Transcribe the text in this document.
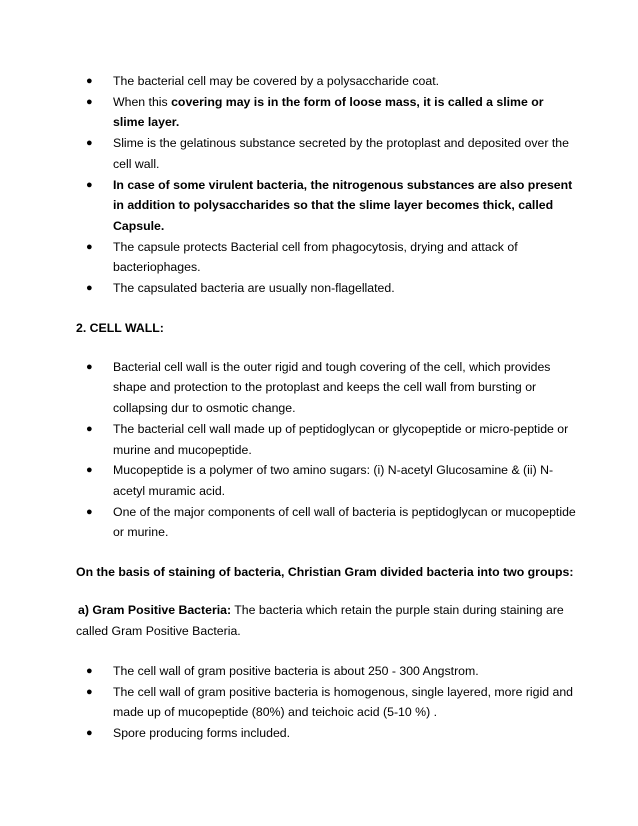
● The bacterial cell may be covered by a polysaccharide coat.
● When this covering may is in the form of loose mass, it is called a slime or slime layer.
● Slime is the gelatinous substance secreted by the protoplast and deposited over the cell wall.
● In case of some virulent bacteria, the nitrogenous substances are also present in addition to polysaccharides so that the slime layer becomes thick, called Capsule.
● The capsule protects Bacterial cell from phagocytosis, drying and attack of bacteriophages.
● The capsulated bacteria are usually non-flagellated.
2. CELL WALL:
● Bacterial cell wall is the outer rigid and tough covering of the cell, which provides shape and protection to the protoplast and keeps the cell wall from bursting or collapsing dur to osmotic change.
● The bacterial cell wall made up of peptidoglycan or glycopeptide or micro-peptide or murine and mucopeptide.
● Mucopeptide is a polymer of two amino sugars: (i) N-acetyl Glucosamine & (ii) N-acetyl muramic acid.
● One of the major components of cell wall of bacteria is peptidoglycan or mucopeptide or murine.
On the basis of staining of bacteria, Christian Gram divided bacteria into two groups:
a) Gram Positive Bacteria: The bacteria which retain the purple stain during staining are called Gram Positive Bacteria.
● The cell wall of gram positive bacteria is about 250 - 300 Angstrom.
● The cell wall of gram positive bacteria is homogenous, single layered, more rigid and made up of mucopeptide (80%) and teichoic acid (5-10 %) .
● Spore producing forms included.
